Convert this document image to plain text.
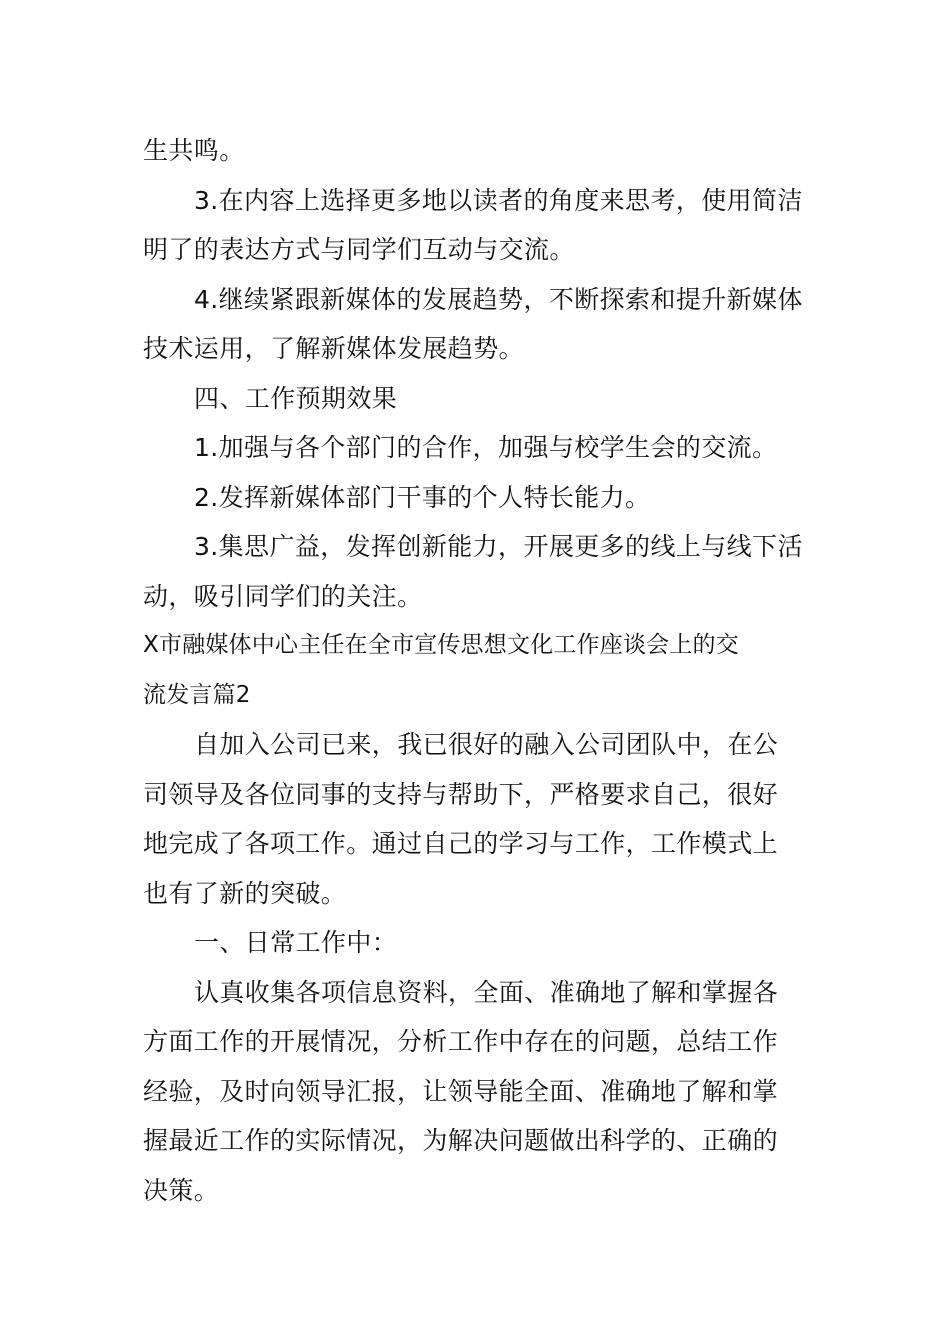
生共鸣。
3.在内容上选择更多地以读者的角度来思考，使用简洁
明了的表达方式与同学们互动与交流。
4.继续紧跟新媒体的发展趋势，不断探索和提升新媒体
技术运用，了解新媒体发展趋势。
四、工作预期效果
1.加强与各个部门的合作，加强与校学生会的交流。
2.发挥新媒体部门干事的个人特长能力。
3.集思广益，发挥创新能力，开展更多的线上与线下活
动，吸引同学们的关注。
X市融媒体中心主任在全市宣传思想文化工作座谈会上的交
流发言篇2
自加入公司已来，我已很好的融入公司团队中，在公
司领导及各位同事的支持与帮助下，严格要求自己，很好
地完成了各项工作。通过自己的学习与工作，工作模式上
也有了新的突破。
一、日常工作中：
认真收集各项信息资料，全面、准确地了解和掌握各
方面工作的开展情况，分析工作中存在的问题，总结工作
经验，及时向领导汇报，让领导能全面、准确地了解和掌
握最近工作的实际情况，为解决问题做出科学的、正确的
决策。
